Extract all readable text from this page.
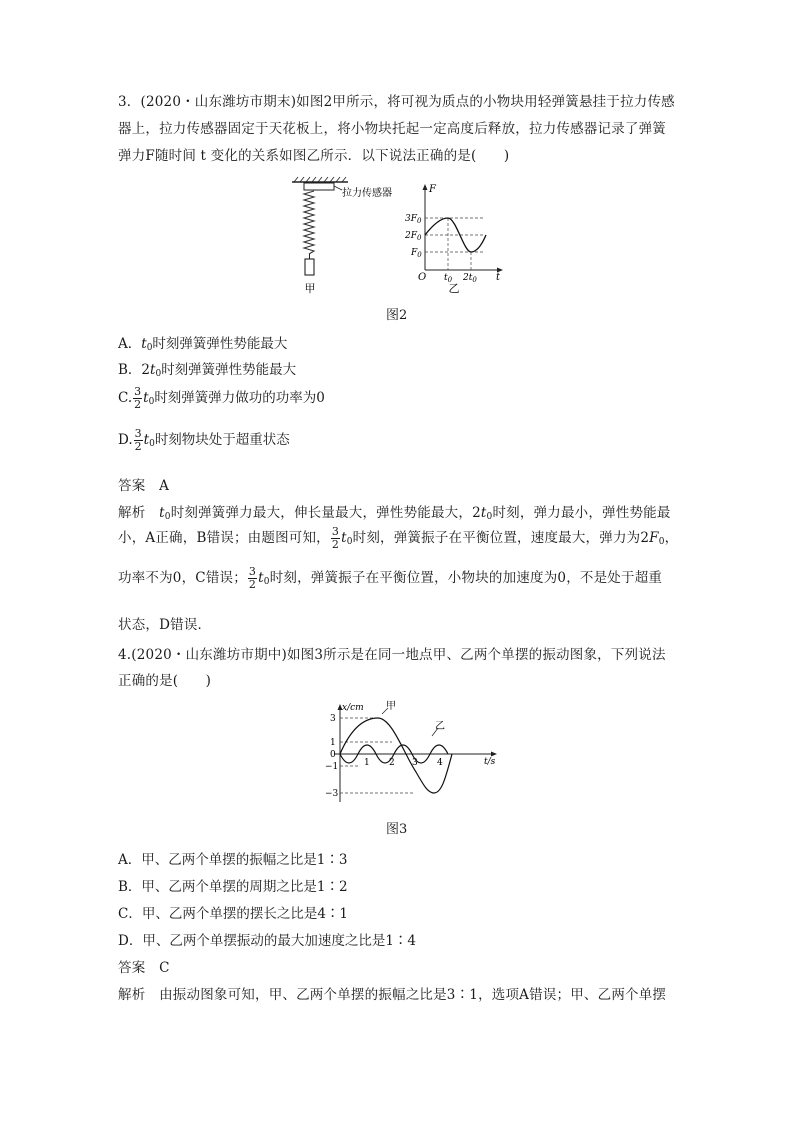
3．(2020・山东潍坊市期末)如图2甲所示，将可视为质点的小物块用轻弹簧悬挂于拉力传感
器上，拉力传感器固定于天花板上，将小物块托起一定高度后释放，拉力传感器记录了弹簧
弹力F随时间 t 变化的关系如图乙所示．以下说法正确的是(　　)
拉力传感器
甲
F
t
O
$3F_0$
$2F_0$
$F_0$
$t_0$ $2t_0$
乙
图2
A．$t_0$时刻弹簧弹性势能最大
B．$2t_0$时刻弹簧弹性势能最大
C. $\frac{3}{2} t_0$时刻弹簧弹力做功的功率为0
D. $\frac{3}{2} t_0$时刻物块处于超重状态
答案　A
解析　$t_0$时刻弹簧弹力最大，伸长量最大，弹性势能最大，$2t_0$时刻，弹力最小，弹性势能最
小，A正确，B错误；由题图可知， $\frac{3}{2} t_0$时刻，弹簧振子在平衡位置，速度最大，弹力为$2F_0$，
功率不为0，C错误； $\frac{3}{2} t_0$时刻，弹簧振子在平衡位置，小物块的加速度为0，不是处于超重
状态，D错误．
4.(2020・山东潍坊市期中)如图3所示是在同一地点甲、乙两个单摆的振动图象，下列说法
正确的是(　　)
x/cm
t/s
3
1
0
−1
−3
1 2 3 4
甲
乙
图3
A．甲、乙两个单摆的振幅之比是1∶3
B．甲、乙两个单摆的周期之比是1∶2
C．甲、乙两个单摆的摆长之比是4∶1
D．甲、乙两个单摆振动的最大加速度之比是1∶4
答案　C
解析　由振动图象可知，甲、乙两个单摆的振幅之比是3∶1，选项A错误；甲、乙两个单摆
